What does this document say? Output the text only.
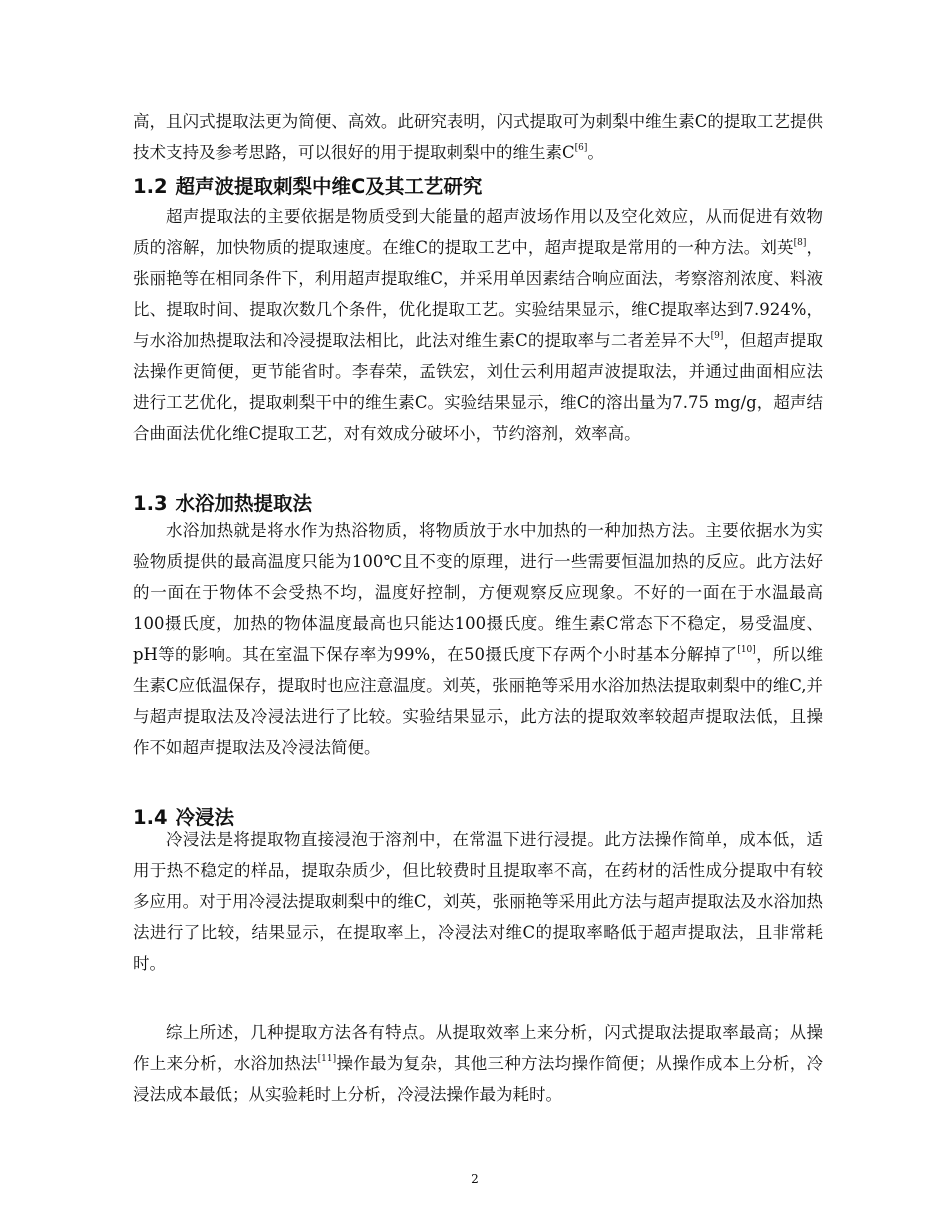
高，且闪式提取法更为简便、高效。此研究表明，闪式提取可为刺梨中维生素C的提取工艺提供技术支持及参考思路，可以很好的用于提取刺梨中的维生素C[6]。

1.2 超声波提取刺梨中维C及其工艺研究

超声提取法的主要依据是物质受到大能量的超声波场作用以及空化效应，从而促进有效物质的溶解，加快物质的提取速度。在维C的提取工艺中，超声提取是常用的一种方法。刘英[8]，张丽艳等在相同条件下，利用超声提取维C，并采用单因素结合响应面法，考察溶剂浓度、料液比、提取时间、提取次数几个条件，优化提取工艺。实验结果显示，维C提取率达到7.924%，与水浴加热提取法和冷浸提取法相比，此法对维生素C的提取率与二者差异不大[9]，但超声提取法操作更简便，更节能省时。李春荣，孟铁宏，刘仕云利用超声波提取法，并通过曲面相应法进行工艺优化，提取刺梨干中的维生素C。实验结果显示，维C的溶出量为7.75 mg/g，超声结合曲面法优化维C提取工艺，对有效成分破坏小，节约溶剂，效率高。

1.3 水浴加热提取法

水浴加热就是将水作为热浴物质，将物质放于水中加热的一种加热方法。主要依据水为实验物质提供的最高温度只能为100℃且不变的原理，进行一些需要恒温加热的反应。此方法好的一面在于物体不会受热不均，温度好控制，方便观察反应现象。不好的一面在于水温最高100摄氏度，加热的物体温度最高也只能达100摄氏度。维生素C常态下不稳定，易受温度、pH等的影响。其在室温下保存率为99%，在50摄氏度下存两个小时基本分解掉了[10]，所以维生素C应低温保存，提取时也应注意温度。刘英，张丽艳等采用水浴加热法提取刺梨中的维C,并与超声提取法及冷浸法进行了比较。实验结果显示，此方法的提取效率较超声提取法低，且操作不如超声提取法及冷浸法简便。

1.4 冷浸法

冷浸法是将提取物直接浸泡于溶剂中，在常温下进行浸提。此方法操作简单，成本低，适用于热不稳定的样品，提取杂质少，但比较费时且提取率不高，在药材的活性成分提取中有较多应用。对于用冷浸法提取刺梨中的维C，刘英，张丽艳等采用此方法与超声提取法及水浴加热法进行了比较，结果显示，在提取率上，冷浸法对维C的提取率略低于超声提取法，且非常耗时。

综上所述，几种提取方法各有特点。从提取效率上来分析，闪式提取法提取率最高；从操作上来分析，水浴加热法[11]操作最为复杂，其他三种方法均操作简便；从操作成本上分析，冷浸法成本最低；从实验耗时上分析，冷浸法操作最为耗时。

2
